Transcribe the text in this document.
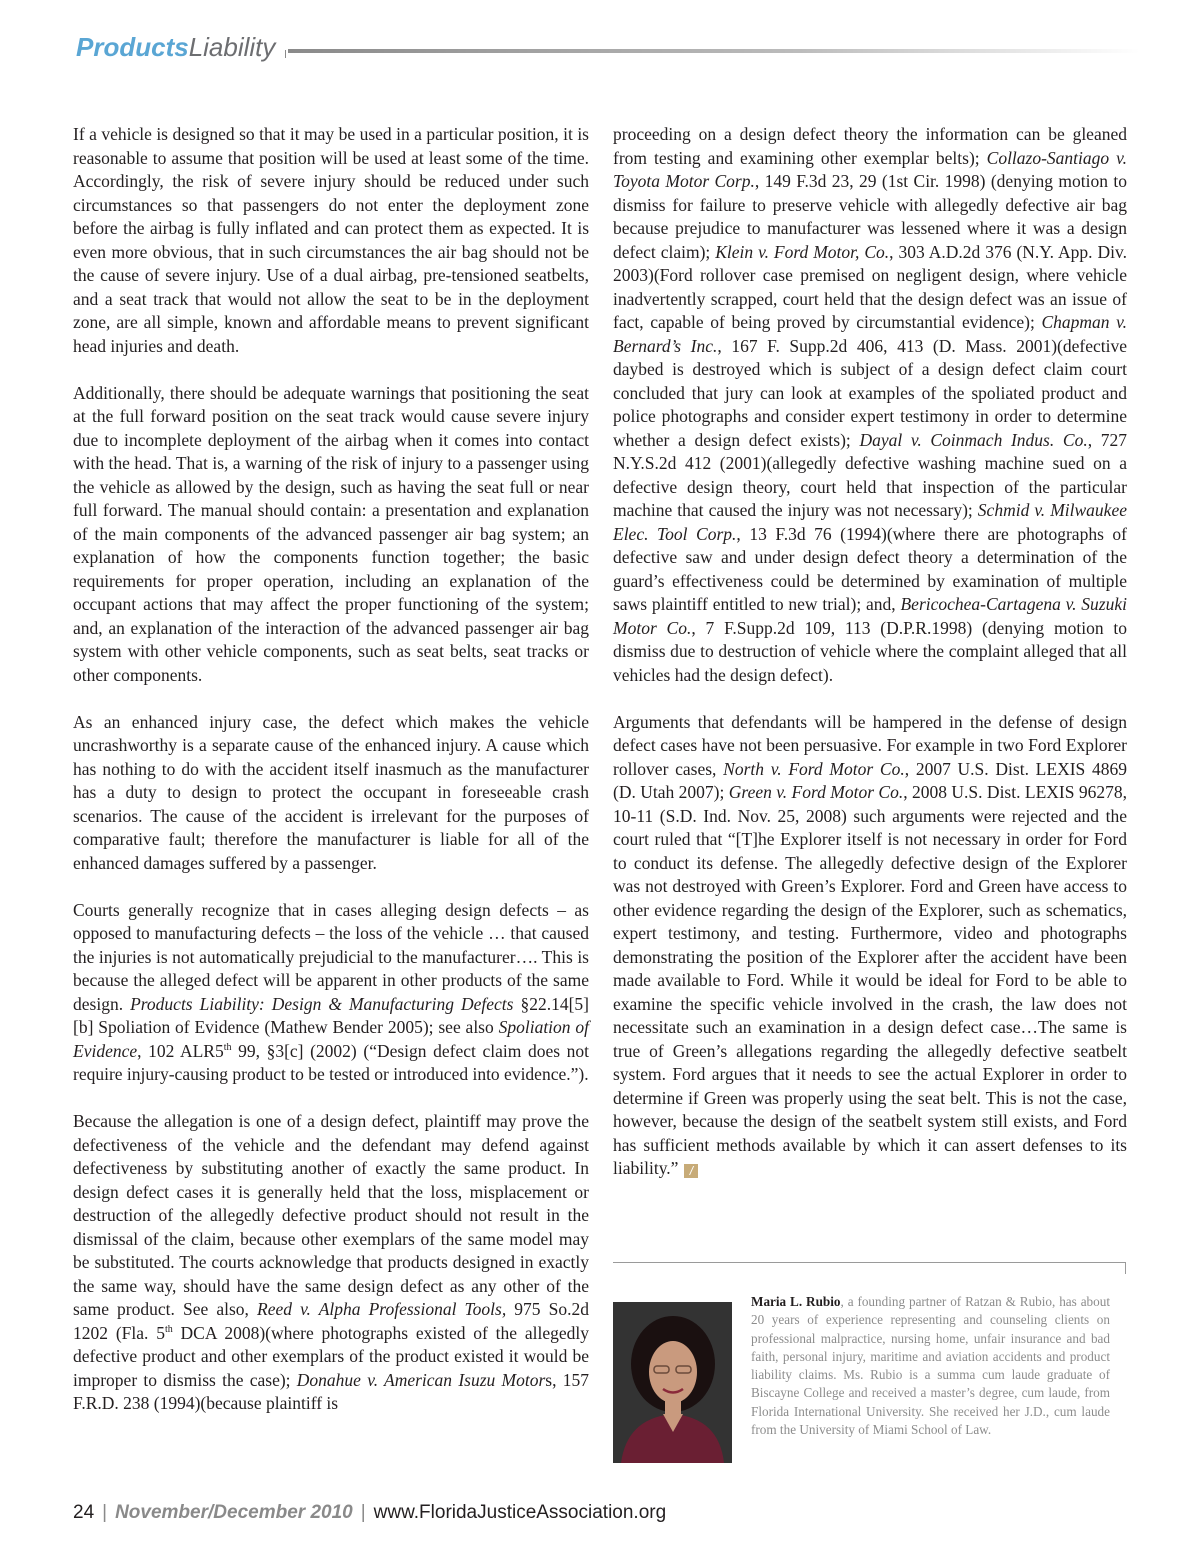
ProductsLiability

If a vehicle is designed so that it may be used in a particular position, it is reasonable to assume that position will be used at least some of the time. Accordingly, the risk of severe injury should be reduced under such circumstances so that passengers do not enter the deployment zone before the airbag is fully inflated and can protect them as expected. It is even more obvious, that in such circumstances the air bag should not be the cause of severe injury. Use of a dual airbag, pre-tensioned seatbelts, and a seat track that would not allow the seat to be in the deployment zone, are all simple, known and affordable means to prevent significant head injuries and death.

Additionally, there should be adequate warnings that positioning the seat at the full forward position on the seat track would cause severe injury due to incomplete deployment of the airbag when it comes into contact with the head. That is, a warning of the risk of injury to a passenger using the vehicle as allowed by the design, such as having the seat full or near full forward. The manual should contain: a presentation and explanation of the main components of the advanced passenger air bag system; an explanation of how the components function together; the basic requirements for proper operation, including an explanation of the occupant actions that may affect the proper functioning of the system; and, an explanation of the interaction of the advanced passenger air bag system with other vehicle components, such as seat belts, seat tracks or other components.

As an enhanced injury case, the defect which makes the vehicle uncrashworthy is a separate cause of the enhanced injury. A cause which has nothing to do with the accident itself inasmuch as the manufacturer has a duty to design to protect the occupant in foreseeable crash scenarios. The cause of the accident is irrelevant for the purposes of comparative fault; therefore the manufacturer is liable for all of the enhanced damages suffered by a passenger.

Courts generally recognize that in cases alleging design defects – as opposed to manufacturing defects – the loss of the vehicle … that caused the injuries is not automatically prejudicial to the manufacturer…. This is because the alleged defect will be apparent in other products of the same design. Products Liability: Design & Manufacturing Defects §22.14[5][b] Spoliation of Evidence (Mathew Bender 2005); see also Spoliation of Evidence, 102 ALR5th 99, §3[c] (2002) (“Design defect claim does not require injury-causing product to be tested or introduced into evidence.”).

Because the allegation is one of a design defect, plaintiff may prove the defectiveness of the vehicle and the defendant may defend against defectiveness by substituting another of exactly the same product. In design defect cases it is generally held that the loss, misplacement or destruction of the allegedly defective product should not result in the dismissal of the claim, because other exemplars of the same model may be substituted. The courts acknowledge that products designed in exactly the same way, should have the same design defect as any other of the same product. See also, Reed v. Alpha Professional Tools, 975 So.2d 1202 (Fla. 5th DCA 2008)(where photographs existed of the allegedly defective product and other exemplars of the product existed it would be improper to dismiss the case); Donahue v. American Isuzu Motors, 157 F.R.D. 238 (1994)(because plaintiff is

proceeding on a design defect theory the information can be gleaned from testing and examining other exemplar belts); Collazo-Santiago v. Toyota Motor Corp., 149 F.3d 23, 29 (1st Cir. 1998) (denying motion to dismiss for failure to preserve vehicle with allegedly defective air bag because prejudice to manufacturer was lessened where it was a design defect claim); Klein v. Ford Motor, Co., 303 A.D.2d 376 (N.Y. App. Div. 2003)(Ford rollover case premised on negligent design, where vehicle inadvertently scrapped, court held that the design defect was an issue of fact, capable of being proved by circumstantial evidence); Chapman v. Bernard’s Inc., 167 F. Supp.2d 406, 413 (D. Mass. 2001)(defective daybed is destroyed which is subject of a design defect claim court concluded that jury can look at examples of the spoliated product and police photographs and consider expert testimony in order to determine whether a design defect exists); Dayal v. Coinmach Indus. Co., 727 N.Y.S.2d 412 (2001)(allegedly defective washing machine sued on a defective design theory, court held that inspection of the particular machine that caused the injury was not necessary); Schmid v. Milwaukee Elec. Tool Corp., 13 F.3d 76 (1994)(where there are photographs of defective saw and under design defect theory a determination of the guard’s effectiveness could be determined by examination of multiple saws plaintiff entitled to new trial); and, Bericochea-Cartagena v. Suzuki Motor Co., 7 F.Supp.2d 109, 113 (D.P.R.1998) (denying motion to dismiss due to destruction of vehicle where the complaint alleged that all vehicles had the design defect).

Arguments that defendants will be hampered in the defense of design defect cases have not been persuasive. For example in two Ford Explorer rollover cases, North v. Ford Motor Co., 2007 U.S. Dist. LEXIS 4869 (D. Utah 2007); Green v. Ford Motor Co., 2008 U.S. Dist. LEXIS 96278, 10-11 (S.D. Ind. Nov. 25, 2008) such arguments were rejected and the court ruled that “[T]he Explorer itself is not necessary in order for Ford to conduct its defense. The allegedly defective design of the Explorer was not destroyed with Green’s Explorer. Ford and Green have access to other evidence regarding the design of the Explorer, such as schematics, expert testimony, and testing. Furthermore, video and photographs demonstrating the position of the Explorer after the accident have been made available to Ford. While it would be ideal for Ford to be able to examine the specific vehicle involved in the crash, the law does not necessitate such an examination in a design defect case…The same is true of Green’s allegations regarding the allegedly defective seatbelt system. Ford argues that it needs to see the actual Explorer in order to determine if Green was properly using the seat belt. This is not the case, however, because the design of the seatbelt system still exists, and Ford has sufficient methods available by which it can assert defenses to its liability.” /

Maria L. Rubio, a founding partner of Ratzan & Rubio, has about 20 years of experience representing and counseling clients on professional malpractice, nursing home, unfair insurance and bad faith, personal injury, maritime and aviation accidents and product liability claims. Ms. Rubio is a summa cum laude graduate of Biscayne College and received a master’s degree, cum laude, from Florida International University. She received her J.D., cum laude from the University of Miami School of Law.
24 | November/December 2010 | www.FloridaJusticeAssociation.org
